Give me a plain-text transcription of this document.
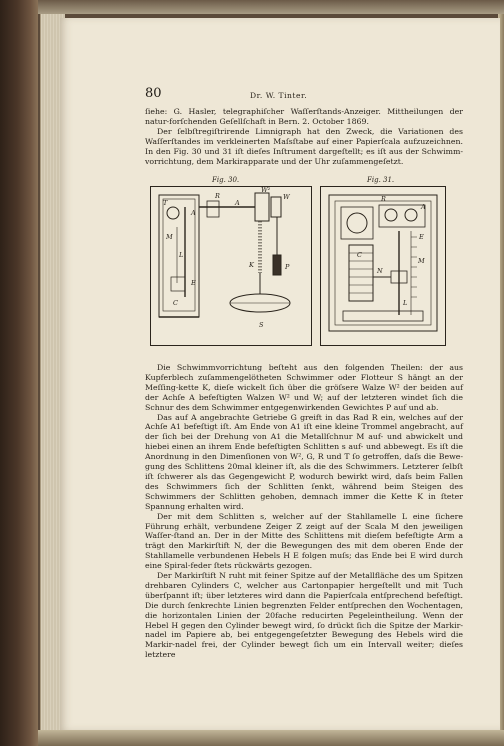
80	Dr. W. Tinter.

ſiehe: G. Hasler, telegraphiſcher Waſſerſtands-Anzeiger. Mittheilungen der natur-forſchenden Geſellſchaft in Bern. 2. October 1869.

Der ſelbſtregiſtrirende Limnigraph hat den Zweck, die Variationen des Waſſerſtandes im verkleinerten Maſsſtabe auf einer Papierſcala aufzuzeichnen. In den Fig. 30 und 31 iſt dieſes Inſtrument dargeſtellt; es iſt aus der Schwimm-vorrichtung, dem Markirapparate und der Uhr zuſammengeſetzt.

Fig. 30.	Fig. 31.
T
A
R
A
W²
W
M
L
E
C
K	P
S
R
A
C
E
M
N
L

Die Schwimmvorrichtung beſteht aus den folgenden Theilen: der aus Kupferblech zuſammengelötheten Schwimmer oder Flotteur S hängt an der Meſſing-kette K, dieſe wickelt ſich über die gröſsere Walze W² der beiden auf der Achſe A befeſtigten Walzen W² und W; auf der letzteren windet ſich die Schnur des dem Schwimmer entgegenwirkenden Gewichtes P auf und ab.

Das auf A angebrachte Getriebe G greift in das Rad R ein, welches auf der Achſe A1 befeſtigt iſt. Am Ende von A1 iſt eine kleine Trommel angebracht, auf der ſich bei der Drehung von A1 die Metallſchnur M auf- und abwickelt und hiebei einen an ihrem Ende befeſtigten Schlitten s auf- und abbewegt. Es iſt die Anordnung in den Dimenſionen von W², G, R und T ſo getroffen, daſs die Bewe-gung des Schlittens 20mal kleiner iſt, als die des Schwimmers. Letzterer ſelbſt iſt ſchwerer als das Gegengewicht P, wodurch bewirkt wird, daſs beim Fallen des Schwimmers ſich der Schlitten ſenkt, während beim Steigen des Schwimmers der Schlitten gehoben, demnach immer die Kette K in ſteter Spannung erhalten wird.

Der mit dem Schlitten s, welcher auf der Stahllamelle L eine ſichere Führung erhält, verbundene Zeiger Z zeigt auf der Scala M den jeweiligen Waſſer-ſtand an. Der in der Mitte des Schlittens mit dieſem befeſtigte Arm a trägt den Markirſtift N, der die Bewegungen des mit dem oberen Ende der Stahllamelle verbundenen Hebels H E folgen muſs; das Ende bei E wird durch eine Spiral-feder ſtets rückwärts gezogen.

Der Markirſtift N ruht mit feiner Spitze auf der Metallfläche des um Spitzen drehbaren Cylinders C, welcher aus Cartonpapier hergeſtellt und mit Tuch überſpannt iſt; über letzteres wird dann die Papierſcala entſprechend befeſtigt. Die durch ſenkrechte Linien begrenzten Felder entſprechen den Wochentagen, die horizontalen Linien der 20fache reducirten Pegeleintheilung. Wenn der Hebel H gegen den Cylinder bewegt wird, ſo drückt ſich die Spitze der Markir-nadel im Papiere ab, bei entgegengeſetzter Bewegung des Hebels wird die Markir-nadel frei, der Cylinder bewegt ſich um ein Intervall weiter; dieſes letztere
